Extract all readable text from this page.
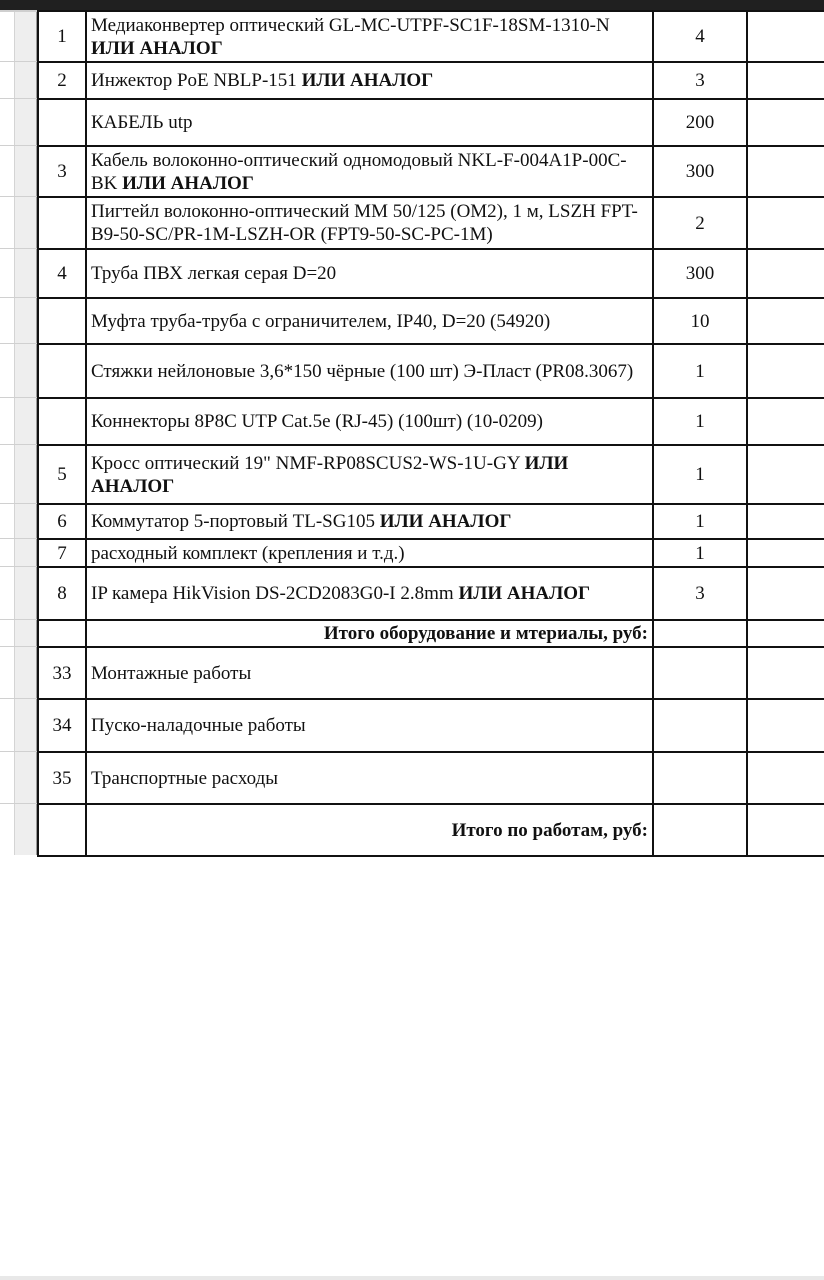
1	Медиаконвертер оптический GL-MC-UTPF-SC1F-18SM-1310-N ИЛИ АНАЛОГ	4	
2	Инжектор PoE NBLP-151 ИЛИ АНАЛОГ	3	
	КАБЕЛЬ utp	200	
3	Кабель волоконно-оптический одномодовый NKL-F-004A1P-00C-BK ИЛИ АНАЛОГ	300	
	Пигтейл волоконно-оптический ММ 50/125 (ОМ2), 1 м, LSZH FPT-B9-50-SC/PR-1M-LSZH-OR (FPT9-50-SC-PC-1M)	2	
4	Труба ПВХ легкая серая D=20	300	
	Муфта труба-труба с ограничителем, IP40, D=20 (54920)	10	
	Стяжки нейлоновые 3,6*150 чёрные (100 шт) Э-Пласт (PR08.3067)	1	
	Коннекторы 8P8C UTP Cat.5e (RJ-45) (100шт) (10-0209)	1	
5	Кросс оптический 19" NMF-RP08SCUS2-WS-1U-GY ИЛИ АНАЛОГ	1	
6	Коммутатор 5-портовый TL-SG105 ИЛИ АНАЛОГ	1	
7	расходный комплект (крепления и т.д.)	1	
8	IP камера HikVision DS-2CD2083G0-I 2.8mm ИЛИ АНАЛОГ	3	
	Итого оборудование и мтериалы, руб:		
33	Монтажные работы		
34	Пуско-наладочные работы		
35	Транспортные расходы		
	Итого по работам, руб:		
